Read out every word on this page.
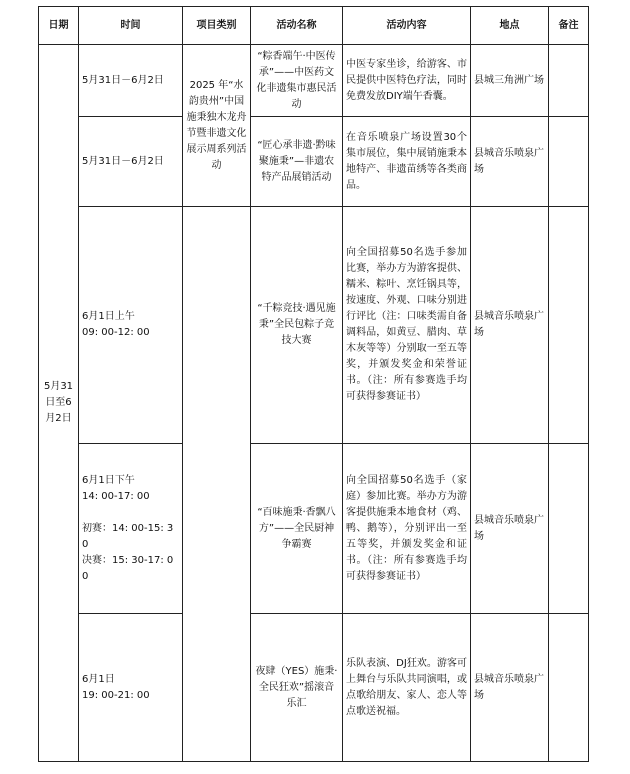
日期	时间	项目类别	活动名称	活动内容	地点	备注
5月31日至6月2日	5月31日－6月2日	2025 年“水韵贵州”中国施秉独木龙舟节暨非遗文化展示周系列活动	“粽香端午·中医传承”——中医药文化非遗集市惠民活动	中医专家坐诊，给游客、市民提供中医特色疗法，同时免费发放DIY端午香囊。	县城三角洲广场	

	5月31日－6月2日		“匠心承非遗·黔味聚施秉”—非遗农特产品展销活动	在音乐喷泉广场设置30个集市展位，集中展销施秉本地特产、非遗苗绣等各类商品。	县城音乐喷泉广场	

	6月1日上午
09: 00-12: 00		“千粽竞技·遇见施秉”全民包粽子竞技大赛	向全国招募50名选手参加比赛，举办方为游客提供、糯米、粽叶、烹饪锅具等，按速度、外观、口味分别进行评比（注：口味类需自备调料品，如黄豆、腊肉、草木灰等等）分别取一至五等奖，并颁发奖金和荣誉证书。（注：所有参赛选手均可获得参赛证书）	县城音乐喷泉广场	

	6月1日下午
14: 00-17: 00
初赛：14: 00-15: 30
决赛：15: 30-17: 00		“百味施秉·香飘八方”——全民厨神争霸赛	向全国招募50名选手（家庭）参加比赛。举办方为游客提供施秉本地食材（鸡、鸭、鹅等），分别评出一至五等奖，并颁发奖金和证书。（注：所有参赛选手均可获得参赛证书）	县城音乐喷泉广场	

	6月1日
19: 00-21: 00		夜肆（YES）施秉·全民狂欢”摇滚音乐汇	乐队表演、DJ狂欢。游客可上舞台与乐队共同演唱，或点歌给朋友、家人、恋人等点歌送祝福。	县城音乐喷泉广场	
